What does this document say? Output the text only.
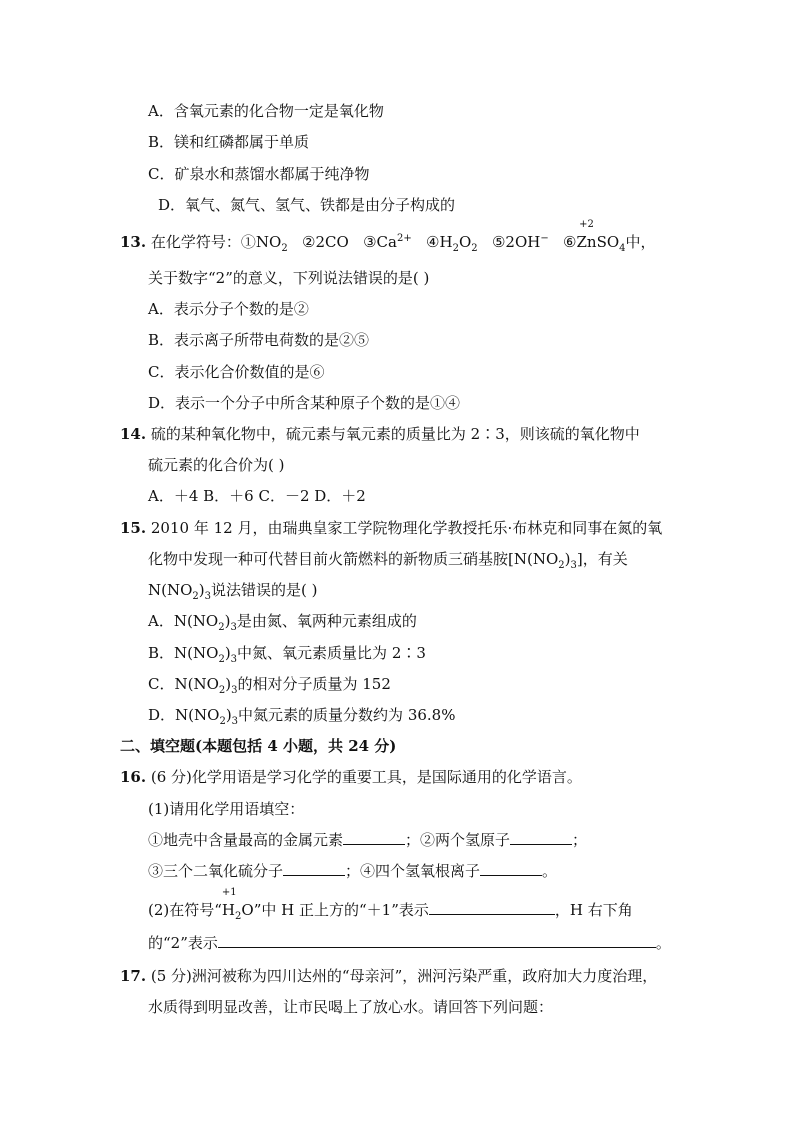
A．含氧元素的化合物一定是氧化物
B．镁和红磷都属于单质
C．矿泉水和蒸馏水都属于纯净物
D．氧气、氮气、氢气、铁都是由分子构成的
13. 在化学符号：$①NO_2$ ②2CO $③Ca^{2+}$ $④H_2O_2$ ⑤2OH− ⑥
+2
ZnSO$_4$中，
关于数字“2”的意义，下列说法错误的是( )
A．表示分子个数的是②
B．表示离子所带电荷数的是②⑤
C．表示化合价数值的是⑥
D．表示一个分子中所含某种原子个数的是①④
14. 硫的某种氧化物中，硫元素与氧元素的质量比为 2∶3，则该硫的氧化物中
硫元素的化合价为( )
A．＋4 B．＋6 C．－2 D．＋2
15. 2010 年 12 月，由瑞典皇家工学院物理化学教授托乐·布林克和同事在氮的氧
化物中发现一种可代替目前火箭燃料的新物质三硝基胺$[N(NO_2)_3]$，有关
$N(NO_2)_3$说法错误的是( )
A．$N(NO_2)_3$是由氮、氧两种元素组成的
B．$N(NO_2)_3$中氮、氧元素质量比为 2∶3
C．$N(NO_2)_3$的相对分子质量为 152
D．$N(NO_2)_3$中氮元素的质量分数约为 36.8%
二、填空题(本题包括 4 小题，共 24 分)
16. (6 分)化学用语是学习化学的重要工具，是国际通用的化学语言。
(1)请用化学用语填空：
①地壳中含量最高的金属元素	；②两个氢原子	；
③三个二氧化硫分子	；④四个氢氧根离子	。
(2)在符号“
+1
$H_2O$”中 H 正上方的“＋1”表示	，H 右下角
的“2”表示	。
17. (5 分)洲河被称为四川达州的“母亲河”，洲河污染严重，政府加大力度治理，
水质得到明显改善，让市民喝上了放心水。请回答下列问题：
